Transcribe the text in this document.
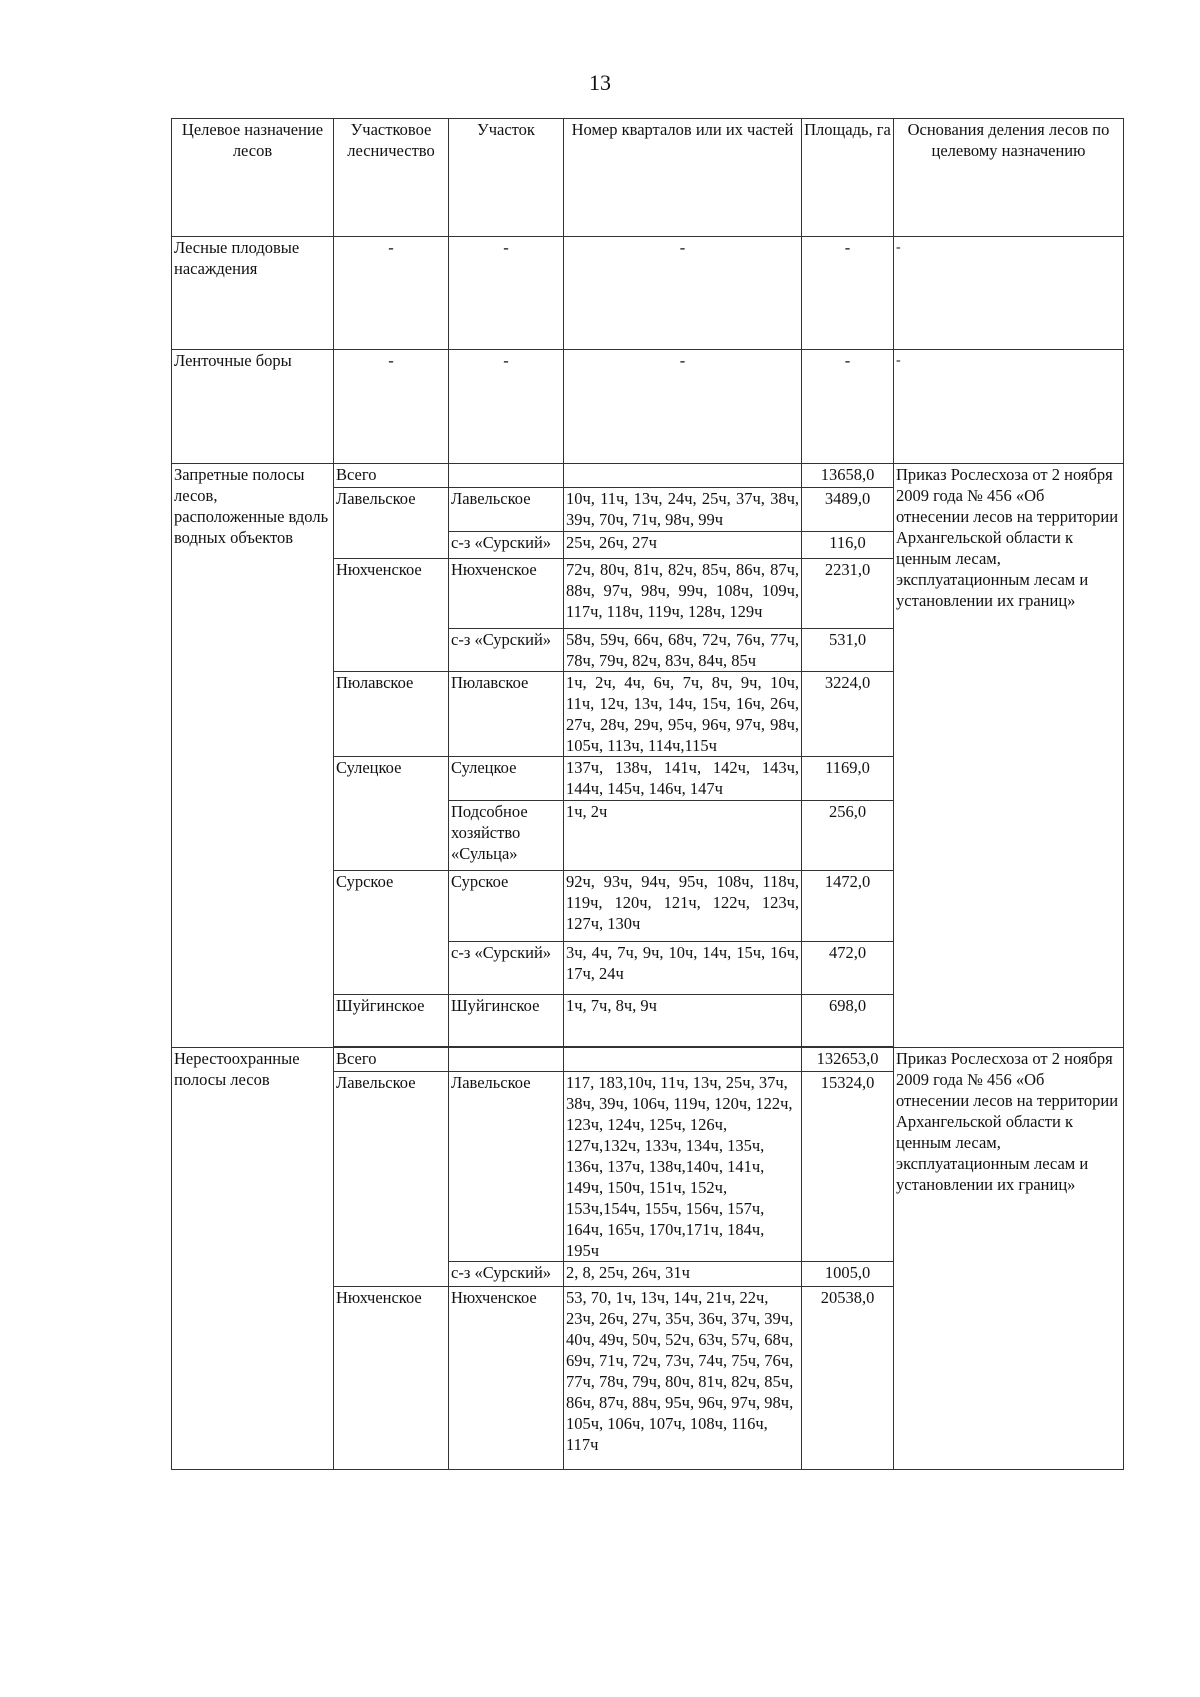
13
Целевое назначение лесов	Участковое лесничество	Участок	Номер кварталов или их частей	Площадь, га	Основания деления лесов по целевому назначению
Лесные плодовые насаждения	-	-	-	-	-

Ленточные боры	-	-	-	-	-

Запретные полосы лесов, расположенные вдоль водных объектов	Всего			13658,0	Приказ Рослесхоза от 2 ноября 2009 года № 456 «Об отнесении лесов на территории Архангельской области к ценным лесам, эксплуатационным лесам и установлении их границ»
	Лавельское	Лавельское	10ч, 11ч, 13ч, 24ч, 25ч, 37ч, 38ч, 39ч, 70ч, 71ч, 98ч, 99ч	3489,0	
		с-з «Сурский»	25ч, 26ч, 27ч	116,0	
	Нюхченское	Нюхченское	72ч, 80ч, 81ч, 82ч, 85ч, 86ч, 87ч, 88ч, 97ч, 98ч, 99ч, 108ч, 109ч, 117ч, 118ч, 119ч, 128ч, 129ч	2231,0	
		с-з «Сурский»	58ч, 59ч, 66ч, 68ч, 72ч, 76ч, 77ч, 78ч, 79ч, 82ч, 83ч, 84ч, 85ч	531,0	
	Пюлавское	Пюлавское	1ч, 2ч, 4ч, 6ч, 7ч, 8ч, 9ч, 10ч, 11ч, 12ч, 13ч, 14ч, 15ч, 16ч, 26ч, 27ч, 28ч, 29ч, 95ч, 96ч, 97ч, 98ч, 105ч, 113ч, 114ч,115ч	3224,0	
	Сулецкое	Сулецкое	137ч, 138ч, 141ч, 142ч, 143ч, 144ч, 145ч, 146ч, 147ч	1169,0	
		Подсобное хозяйство «Сульца»	1ч, 2ч	256,0	
	Сурское	Сурское	92ч, 93ч, 94ч, 95ч, 108ч, 118ч, 119ч, 120ч, 121ч, 122ч, 123ч, 127ч, 130ч	1472,0	
		с-з «Сурский»	3ч, 4ч, 7ч, 9ч, 10ч, 14ч, 15ч, 16ч, 17ч, 24ч	472,0	
	Шуйгинское	Шуйгинское	1ч, 7ч, 8ч, 9ч	698,0	

Нерестоохранные полосы лесов	Всего			132653,0	Приказ Рослесхоза от 2 ноября 2009 года № 456 «Об отнесении лесов на территории Архангельской области к ценным лесам, эксплуатационным лесам и установлении их границ»
	Лавельское	Лавельское	117, 183,10ч, 11ч, 13ч, 25ч, 37ч, 38ч, 39ч, 106ч, 119ч, 120ч, 122ч, 123ч, 124ч, 125ч, 126ч, 127ч,132ч, 133ч, 134ч, 135ч, 136ч, 137ч, 138ч,140ч, 141ч, 149ч, 150ч, 151ч, 152ч, 153ч,154ч, 155ч, 156ч, 157ч, 164ч, 165ч, 170ч,171ч, 184ч, 195ч	15324,0	
		с-з «Сурский»	2, 8, 25ч, 26ч, 31ч	1005,0	
	Нюхченское	Нюхченское	53, 70, 1ч, 13ч, 14ч, 21ч, 22ч, 23ч, 26ч, 27ч, 35ч, 36ч, 37ч, 39ч, 40ч, 49ч, 50ч, 52ч, 63ч, 57ч, 68ч, 69ч, 71ч, 72ч, 73ч, 74ч, 75ч, 76ч, 77ч, 78ч, 79ч, 80ч, 81ч, 82ч, 85ч, 86ч, 87ч, 88ч, 95ч, 96ч, 97ч, 98ч, 105ч, 106ч, 107ч, 108ч, 116ч, 117ч	20538,0	
